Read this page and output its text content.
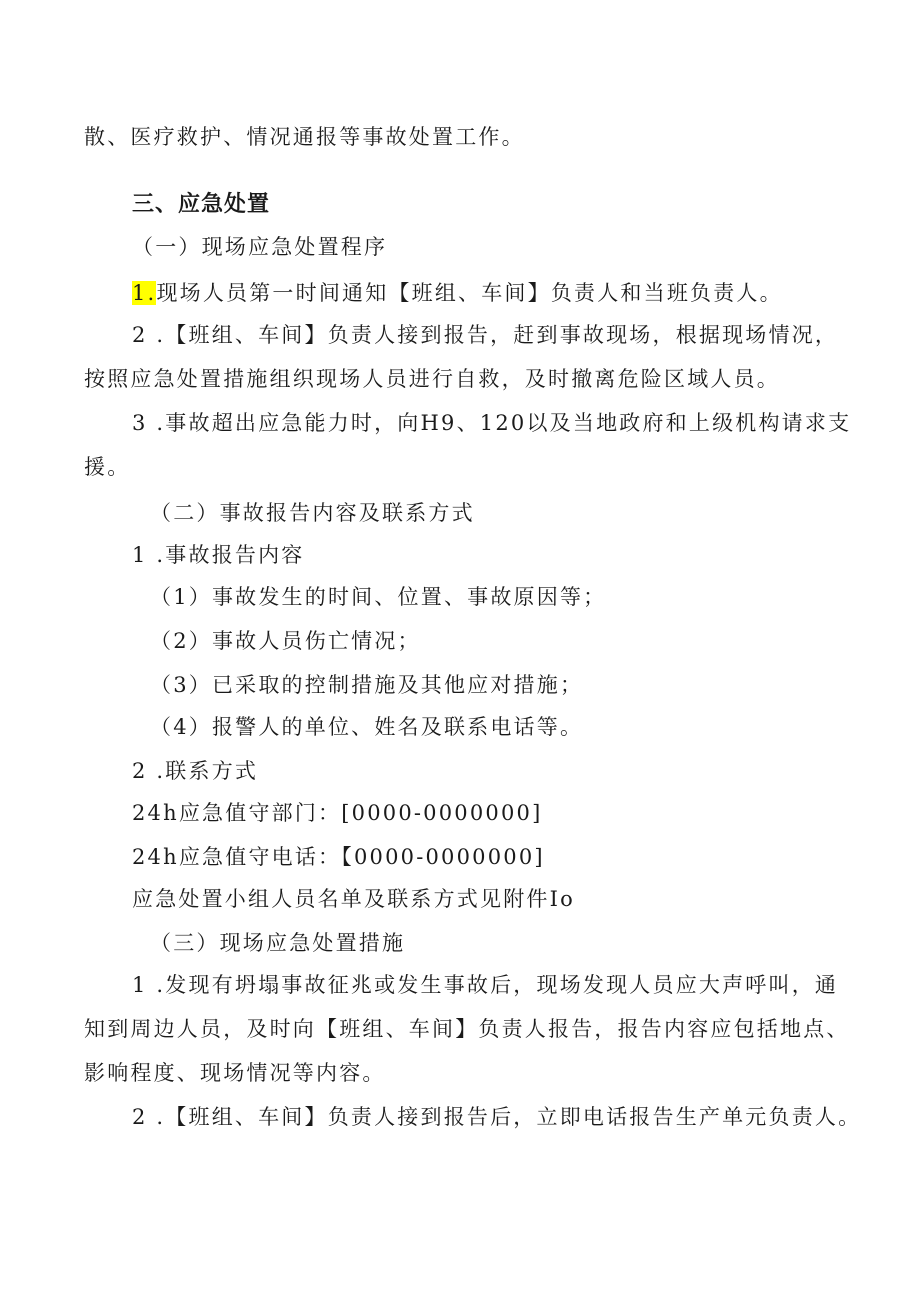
散、医疗救护、情况通报等事故处置工作。
三、应急处置
（一）现场应急处置程序
1.现场人员第一时间通知【班组、车间】负责人和当班负责人。
2 .【班组、车间】负责人接到报告，赶到事故现场，根据现场情况，
按照应急处置措施组织现场人员进行自救，及时撤离危险区域人员。
3 .事故超出应急能力时，向H9、120以及当地政府和上级机构请求支
援。
（二）事故报告内容及联系方式
1 .事故报告内容
（1）事故发生的时间、位置、事故原因等；
（2）事故人员伤亡情况；
（3）已采取的控制措施及其他应对措施；
（4）报警人的单位、姓名及联系电话等。
2 .联系方式
24h应急值守部门：[0000-0000000]
24h应急值守电话：【0000-0000000]
应急处置小组人员名单及联系方式见附件Io
（三）现场应急处置措施
1 .发现有坍塌事故征兆或发生事故后，现场发现人员应大声呼叫，通
知到周边人员，及时向【班组、车间】负责人报告，报告内容应包括地点、
影响程度、现场情况等内容。
2 .【班组、车间】负责人接到报告后，立即电话报告生产单元负责人。
